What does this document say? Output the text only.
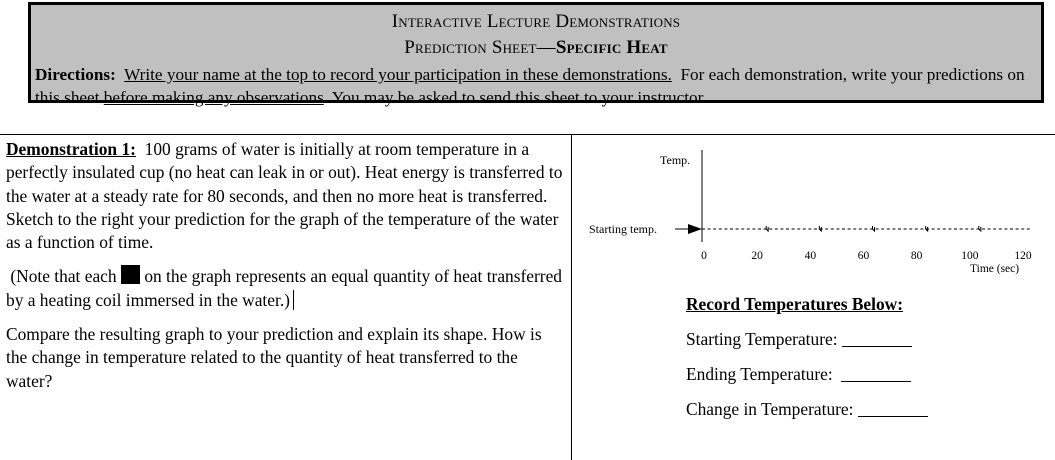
Interactive Lecture Demonstrations
Prediction Sheet—Specific Heat
Directions: Write your name at the top to record your participation in these demonstrations. For each demonstration, write your predictions on this sheet before making any observations. You may be asked to send this sheet to your instructor.

Demonstration 1: 100 grams of water is initially at room temperature in a perfectly insulated cup (no heat can leak in or out). Heat energy is transferred to the water at a steady rate for 80 seconds, and then no more heat is transferred. Sketch to the right your prediction for the graph of the temperature of the water as a function of time.

(Note that each on the graph represents an equal quantity of heat transferred by a heating coil immersed in the water.)

Compare the resulting graph to your prediction and explain its shape. How is the change in temperature related to the quantity of heat transferred to the water?

Temp.
Starting temp.
0	20	40	60	80	100	120
Time (sec)

Record Temperatures Below:

Starting Temperature:

Ending Temperature:

Change in Temperature:
